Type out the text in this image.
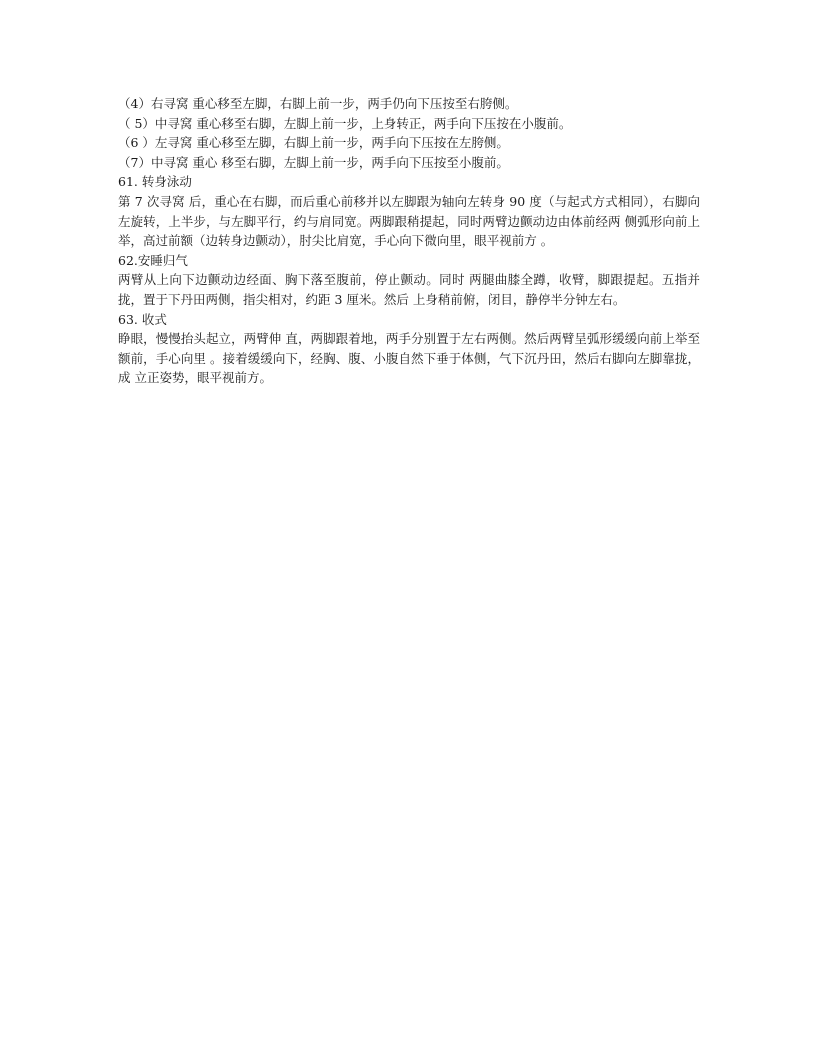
（4）右寻窝 重心移至左脚，右脚上前一步，两手仍向下压按至右胯侧。

（ 5）中寻窝 重心移至右脚，左脚上前一步，上身转正，两手向下压按在小腹前。

（6 ）左寻窝 重心移至左脚，右脚上前一步，两手向下压按在左胯侧。

（7）中寻窝 重心 移至右脚，左脚上前一步，两手向下压按至小腹前。

61. 转身泳动

第 7 次寻窝 后，重心在右脚，而后重心前移并以左脚跟为轴向左转身 90 度（与起式方式相同），右脚向 左旋转，上半步，与左脚平行，约与肩同宽。两脚跟稍提起，同时两臂边颤动边由体前经两 侧弧形向前上举，高过前额（边转身边颤动），肘尖比肩宽，手心向下微向里，眼平视前方 。

62.安睡归气

两臂从上向下边颤动边经面、胸下落至腹前，停止颤动。同时 两腿曲膝全蹲，收臂，脚跟提起。五指并拢，置于下丹田两侧，指尖相对，约距 3 厘米。然后 上身稍前俯，闭目，静停半分钟左右。

63. 收式

睁眼，慢慢抬头起立，两臂伸 直，两脚跟着地，两手分别置于左右两侧。然后两臂呈弧形缓缓向前上举至额前，手心向里 。接着缓缓向下，经胸、腹、小腹自然下垂于体侧，气下沉丹田，然后右脚向左脚靠拢，成 立正姿势，眼平视前方。
